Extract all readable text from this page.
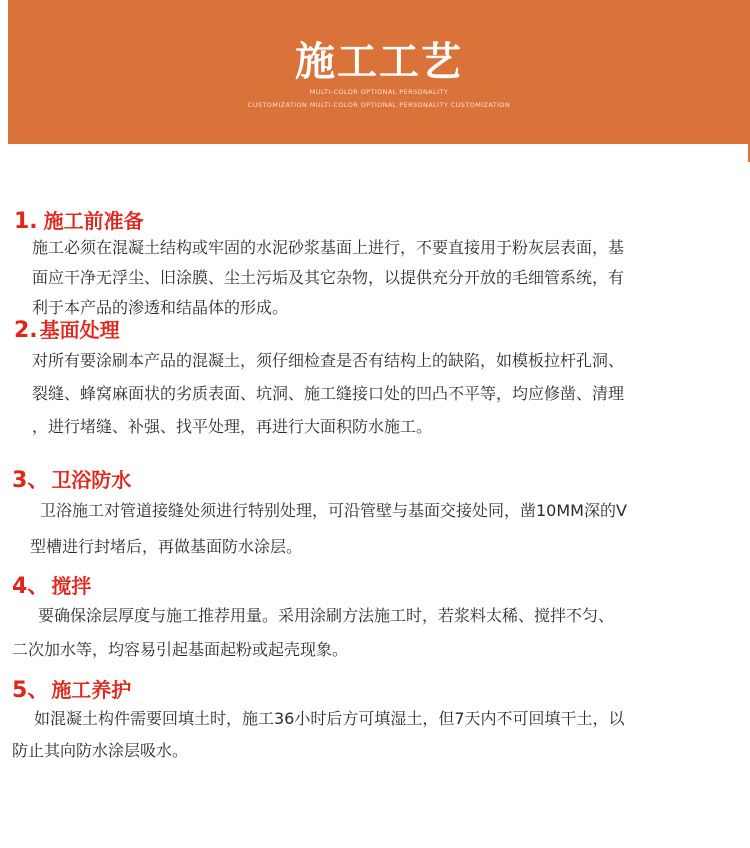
施工工艺
MULTI-COLOR OPTIONAL PERSONALITY
CUSTOMIZATION MULTI-COLOR OPTIONAL PERSONALITY CUSTOMIZATION
1. 施工前准备
施工必须在混凝土结构或牢固的水泥砂浆基面上进行，不要直接用于粉灰层表面，基
面应干净无浮尘、旧涂膜、尘土污垢及其它杂物，以提供充分开放的毛细管系统，有
利于本产品的渗透和结晶体的形成。
2. 基面处理
对所有要涂刷本产品的混凝土，须仔细检查是否有结构上的缺陷，如模板拉杆孔洞、
裂缝、蜂窝麻面状的劣质表面、坑洞、施工缝接口处的凹凸不平等，均应修凿、清理
，进行堵缝、补强、找平处理，再进行大面积防水施工。
3、 卫浴防水
卫浴施工对管道接缝处须进行特别处理，可沿管壁与基面交接处同，凿10MM深的V
型槽进行封堵后，再做基面防水涂层。
4、 搅拌
要确保涂层厚度与施工推荐用量。采用涂刷方法施工时，若浆料太稀、搅拌不匀、
二次加水等，均容易引起基面起粉或起壳现象。
5、 施工养护
如混凝土构件需要回填土时，施工36小时后方可填湿土，但7天内不可回填干土，以
防止其向防水涂层吸水。
